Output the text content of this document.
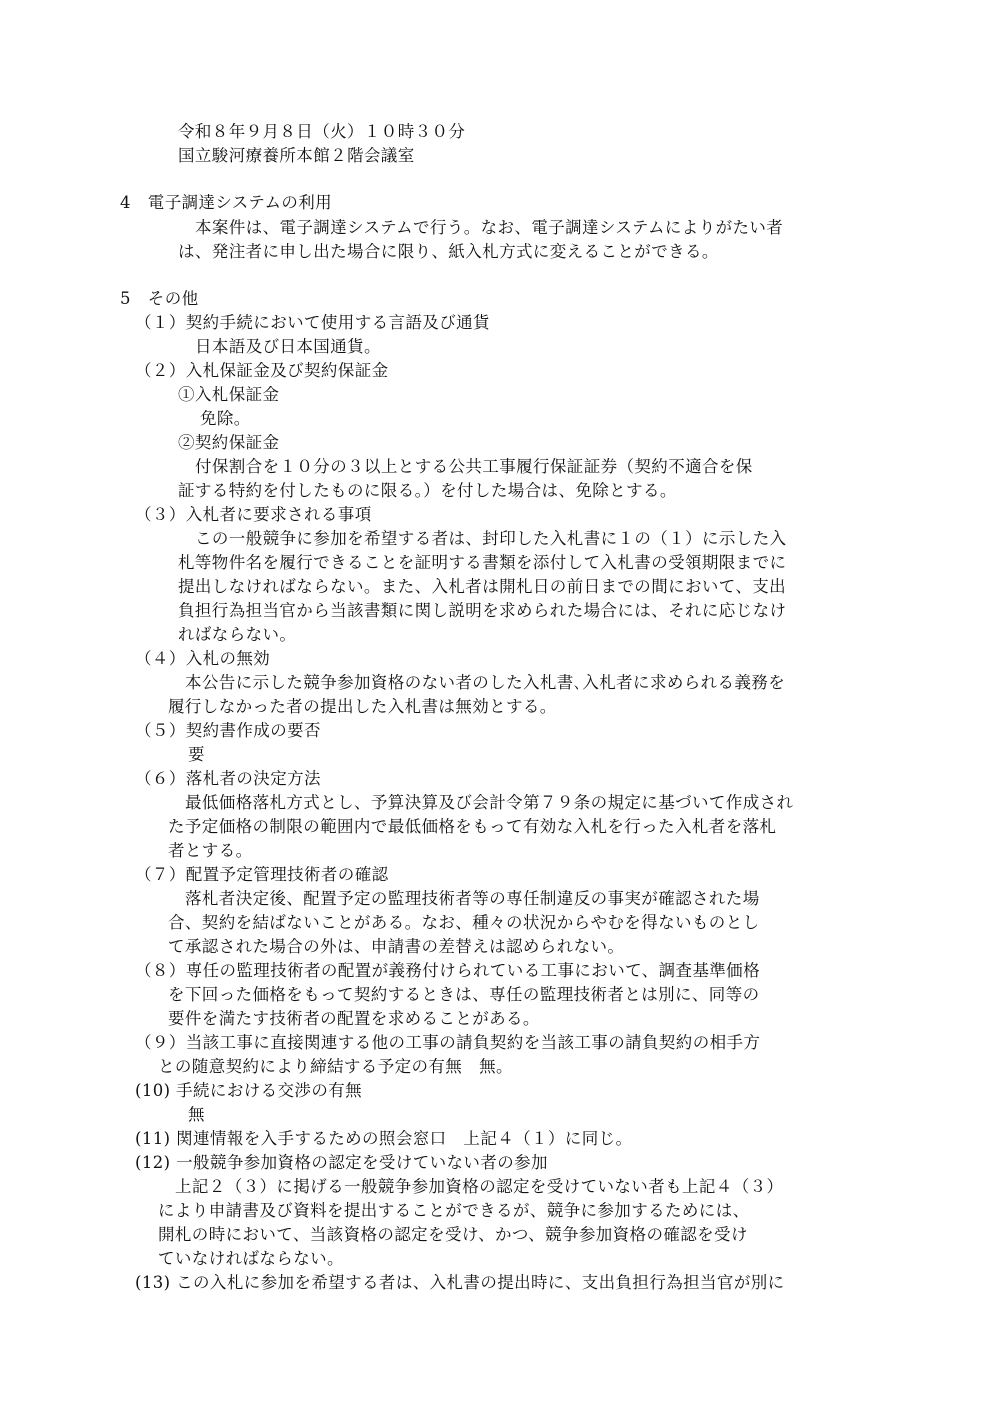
令和８年９月８日（火）１０時３０分
国立駿河療養所本館２階会議室
4　電子調達システムの利用
本案件は、電子調達システムで行う。なお、電子調達システムによりがたい者
は、発注者に申し出た場合に限り、紙入札方式に変えることができる。
5　その他
（１）契約手続において使用する言語及び通貨
日本語及び日本国通貨。
（２）入札保証金及び契約保証金
①入札保証金
免除。
②契約保証金
付保割合を１０分の３以上とする公共工事履行保証証券（契約不適合を保
証する特約を付したものに限る。）を付した場合は、免除とする。
（３）入札者に要求される事項
この一般競争に参加を希望する者は、封印した入札書に１の（１）に示した入
札等物件名を履行できることを証明する書類を添付して入札書の受領期限までに
提出しなければならない。また、入札者は開札日の前日までの間において、支出
負担行為担当官から当該書類に関し説明を求められた場合には、それに応じなけ
ればならない。
（４）入札の無効
本公告に示した競争参加資格のない者のした入札書､入札者に求められる義務を
履行しなかった者の提出した入札書は無効とする。
（５）契約書作成の要否
要
（６）落札者の決定方法
最低価格落札方式とし、予算決算及び会計令第７９条の規定に基づいて作成され
た予定価格の制限の範囲内で最低価格をもって有効な入札を行った入札者を落札
者とする。
（７）配置予定管理技術者の確認
落札者決定後、配置予定の監理技術者等の専任制違反の事実が確認された場
合、契約を結ばないことがある。なお、種々の状況からやむを得ないものとし
て承認された場合の外は、申請書の差替えは認められない。
（８）専任の監理技術者の配置が義務付けられている工事において、調査基準価格
を下回った価格をもって契約するときは、専任の監理技術者とは別に、同等の
要件を満たす技術者の配置を求めることがある。
（９）当該工事に直接関連する他の工事の請負契約を当該工事の請負契約の相手方
との随意契約により締結する予定の有無　無。
(10) 手続における交渉の有無
無
(11) 関連情報を入手するための照会窓口　上記４（１）に同じ。
(12) 一般競争参加資格の認定を受けていない者の参加
上記２（３）に掲げる一般競争参加資格の認定を受けていない者も上記４（３）
により申請書及び資料を提出することができるが、競争に参加するためには、
開札の時において、当該資格の認定を受け、かつ、競争参加資格の確認を受け
ていなければならない。
(13) この入札に参加を希望する者は、入札書の提出時に、支出負担行為担当官が別に
